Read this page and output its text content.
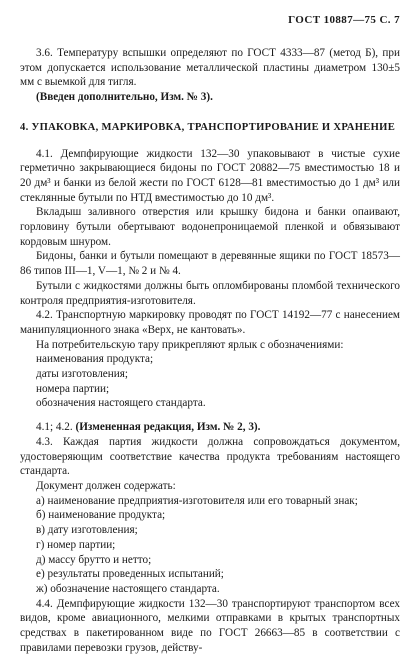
ГОСТ 10887—75 С. 7

3.6. Температуру вспышки определяют по ГОСТ 4333—87 (метод Б), при этом допускается использование металлической пластины диаметром 130±5 мм с выемкой для тигля.

(Введен дополнительно, Изм. № 3).

4. УПАКОВКА, МАРКИРОВКА, ТРАНСПОРТИРОВАНИЕ И ХРАНЕНИЕ

4.1. Демпфирующие жидкости 132—30 упаковывают в чистые сухие герметично закрывающиеся бидоны по ГОСТ 20882—75 вместимостью 18 и 20 дм³ и банки из белой жести по ГОСТ 6128—81 вместимостью до 1 дм³ или стеклянные бутыли по НТД вместимостью до 10 дм³.

Вкладыш заливного отверстия или крышку бидона и банки опаивают, горловину бутыли обертывают водонепроницаемой пленкой и обвязывают кордовым шнуром.

Бидоны, банки и бутыли помещают в деревянные ящики по ГОСТ 18573—86 типов III—1, V—1, № 2 и № 4.

Бутыли с жидкостями должны быть опломбированы пломбой технического контроля предприятия-изготовителя.

4.2. Транспортную маркировку проводят по ГОСТ 14192—77 с нанесением манипуляционного знака «Верх, не кантовать».

На потребительскую тару прикрепляют ярлык с обозначениями:

наименования продукта;

даты изготовления;

номера партии;

обозначения настоящего стандарта.

4.1; 4.2. (Измененная редакция, Изм. № 2, 3).

4.3. Каждая партия жидкости должна сопровождаться документом, удостоверяющим соответствие качества продукта требованиям настоящего стандарта.

Документ должен содержать:

а) наименование предприятия-изготовителя или его товарный знак;

б) наименование продукта;

в) дату изготовления;

г) номер партии;

д) массу брутто и нетто;

е) результаты проведенных испытаний;

ж) обозначение настоящего стандарта.

4.4. Демпфирующие жидкости 132—30 транспортируют транспортом всех видов, кроме авиационного, мелкими отправками в крытых транспортных средствах в пакетированном виде по ГОСТ 26663—85 в соответствии с правилами перевозки грузов, действу-
